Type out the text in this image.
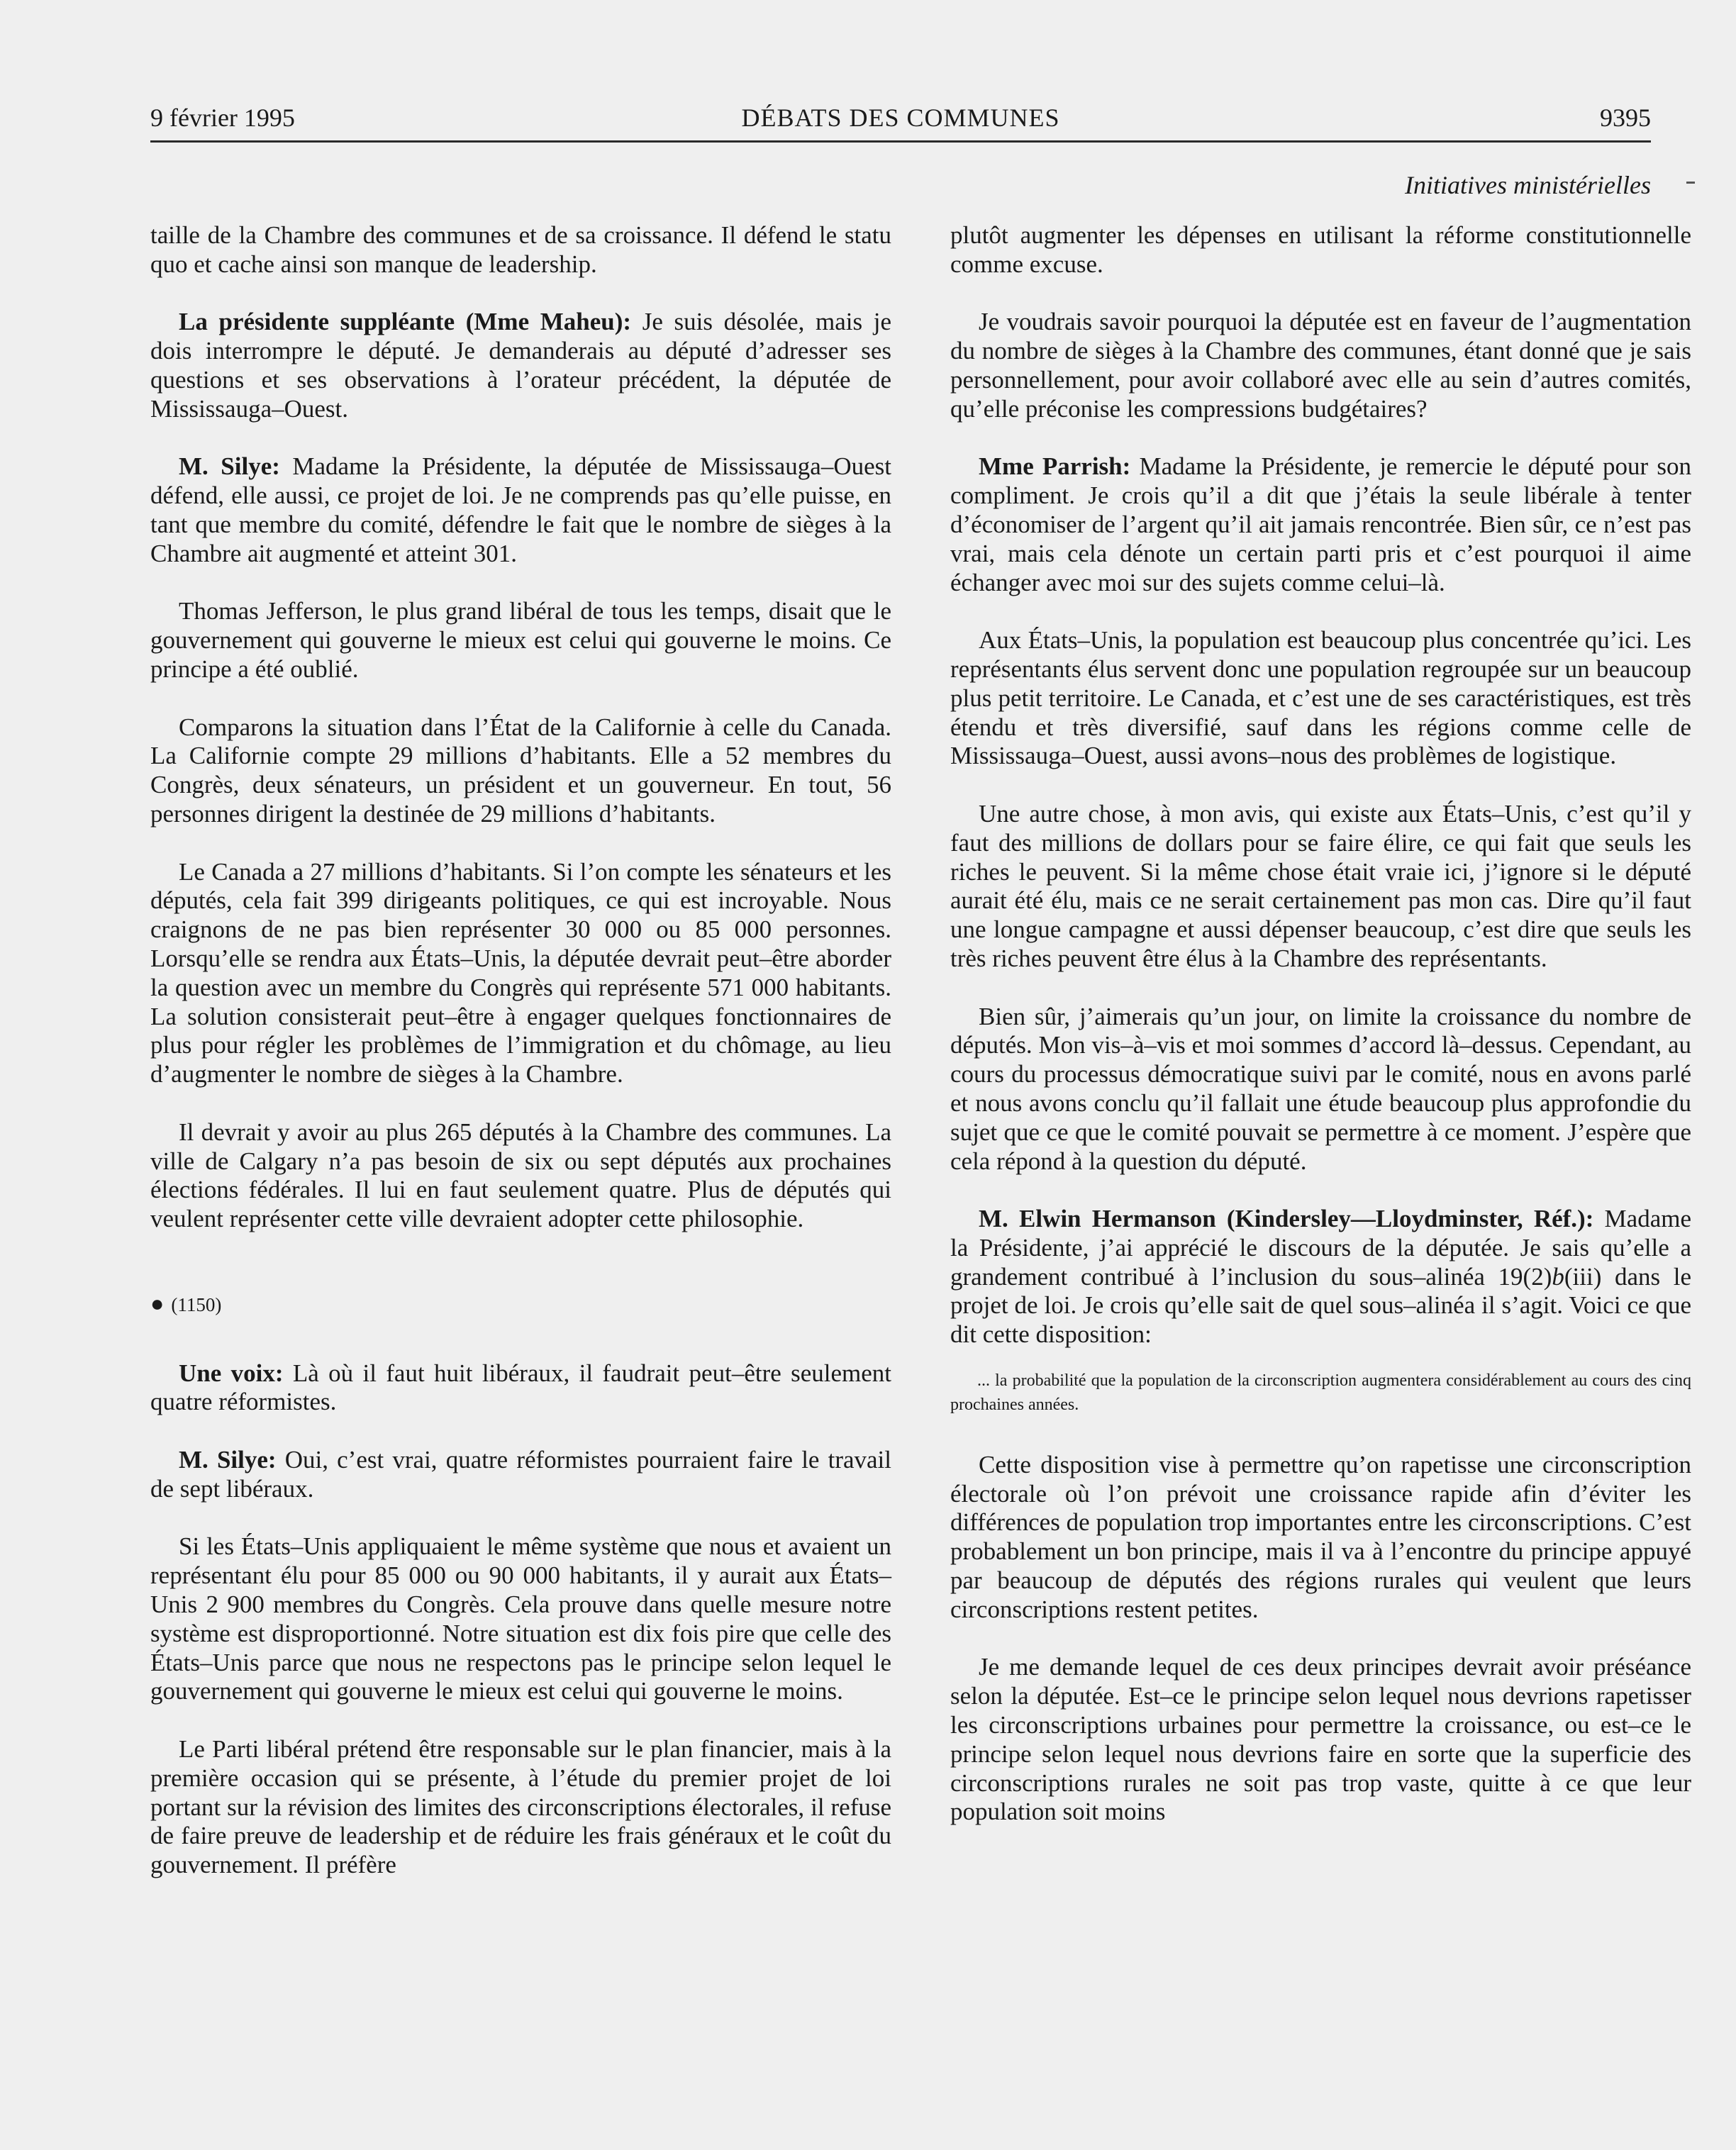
9 février 1995	DÉBATS DES COMMUNES	9395
Initiatives ministérielles

taille de la Chambre des communes et de sa croissance. Il défend le statu quo et cache ainsi son manque de leadership.

La présidente suppléante (Mme Maheu): Je suis désolée, mais je dois interrompre le député. Je demanderais au député d’adresser ses questions et ses observations à l’orateur précédent, la députée de Mississauga–Ouest.

M. Silye: Madame la Présidente, la députée de Mississauga–Ouest défend, elle aussi, ce projet de loi. Je ne comprends pas qu’elle puisse, en tant que membre du comité, défendre le fait que le nombre de sièges à la Chambre ait augmenté et atteint 301.

Thomas Jefferson, le plus grand libéral de tous les temps, disait que le gouvernement qui gouverne le mieux est celui qui gouverne le moins. Ce principe a été oublié.

Comparons la situation dans l’État de la Californie à celle du Canada. La Californie compte 29 millions d’habitants. Elle a 52 membres du Congrès, deux sénateurs, un président et un gouverneur. En tout, 56 personnes dirigent la destinée de 29 millions d’habitants.

Le Canada a 27 millions d’habitants. Si l’on compte les sénateurs et les députés, cela fait 399 dirigeants politiques, ce qui est incroyable. Nous craignons de ne pas bien représenter 30 000 ou 85 000 personnes. Lorsqu’elle se rendra aux États–Unis, la députée devrait peut–être aborder la question avec un membre du Congrès qui représente 571 000 habitants. La solution consisterait peut–être à engager quelques fonctionnaires de plus pour régler les problèmes de l’immigration et du chômage, au lieu d’augmenter le nombre de sièges à la Chambre.

Il devrait y avoir au plus 265 députés à la Chambre des communes. La ville de Calgary n’a pas besoin de six ou sept députés aux prochaines élections fédérales. Il lui en faut seulement quatre. Plus de députés qui veulent représenter cette ville devraient adopter cette philosophie.

● (1150)

Une voix: Là où il faut huit libéraux, il faudrait peut–être seulement quatre réformistes.

M. Silye: Oui, c’est vrai, quatre réformistes pourraient faire le travail de sept libéraux.

Si les États–Unis appliquaient le même système que nous et avaient un représentant élu pour 85 000 ou 90 000 habitants, il y aurait aux États–Unis 2 900 membres du Congrès. Cela prouve dans quelle mesure notre système est disproportionné. Notre situation est dix fois pire que celle des États–Unis parce que nous ne respectons pas le principe selon lequel le gouvernement qui gouverne le mieux est celui qui gouverne le moins.

Le Parti libéral prétend être responsable sur le plan financier, mais à la première occasion qui se présente, à l’étude du premier projet de loi portant sur la révision des limites des circonscriptions électorales, il refuse de faire preuve de leadership et de réduire les frais généraux et le coût du gouvernement. Il préfère

plutôt augmenter les dépenses en utilisant la réforme constitutionnelle comme excuse.

Je voudrais savoir pourquoi la députée est en faveur de l’augmentation du nombre de sièges à la Chambre des communes, étant donné que je sais personnellement, pour avoir collaboré avec elle au sein d’autres comités, qu’elle préconise les compressions budgétaires?

Mme Parrish: Madame la Présidente, je remercie le député pour son compliment. Je crois qu’il a dit que j’étais la seule libérale à tenter d’économiser de l’argent qu’il ait jamais rencontrée. Bien sûr, ce n’est pas vrai, mais cela dénote un certain parti pris et c’est pourquoi il aime échanger avec moi sur des sujets comme celui–là.

Aux États–Unis, la population est beaucoup plus concentrée qu’ici. Les représentants élus servent donc une population regroupée sur un beaucoup plus petit territoire. Le Canada, et c’est une de ses caractéristiques, est très étendu et très diversifié, sauf dans les régions comme celle de Mississauga–Ouest, aussi avons–nous des problèmes de logistique.

Une autre chose, à mon avis, qui existe aux États–Unis, c’est qu’il y faut des millions de dollars pour se faire élire, ce qui fait que seuls les riches le peuvent. Si la même chose était vraie ici, j’ignore si le député aurait été élu, mais ce ne serait certainement pas mon cas. Dire qu’il faut une longue campagne et aussi dépenser beaucoup, c’est dire que seuls les très riches peuvent être élus à la Chambre des représentants.

Bien sûr, j’aimerais qu’un jour, on limite la croissance du nombre de députés. Mon vis–à–vis et moi sommes d’accord là–dessus. Cependant, au cours du processus démocratique suivi par le comité, nous en avons parlé et nous avons conclu qu’il fallait une étude beaucoup plus approfondie du sujet que ce que le comité pouvait se permettre à ce moment. J’espère que cela répond à la question du député.

M. Elwin Hermanson (Kindersley—Lloydminster, Réf.): Madame la Présidente, j’ai apprécié le discours de la députée. Je sais qu’elle a grandement contribué à l’inclusion du sous–alinéa 19(2)b(iii) dans le projet de loi. Je crois qu’elle sait de quel sous–alinéa il s’agit. Voici ce que dit cette disposition:

... la probabilité que la population de la circonscription augmentera considérablement au cours des cinq prochaines années.

Cette disposition vise à permettre qu’on rapetisse une circonscription électorale où l’on prévoit une croissance rapide afin d’éviter les différences de population trop importantes entre les circonscriptions. C’est probablement un bon principe, mais il va à l’encontre du principe appuyé par beaucoup de députés des régions rurales qui veulent que leurs circonscriptions restent petites.

Je me demande lequel de ces deux principes devrait avoir préséance selon la députée. Est–ce le principe selon lequel nous devrions rapetisser les circonscriptions urbaines pour permettre la croissance, ou est–ce le principe selon lequel nous devrions faire en sorte que la superficie des circonscriptions rurales ne soit pas trop vaste, quitte à ce que leur population soit moins
